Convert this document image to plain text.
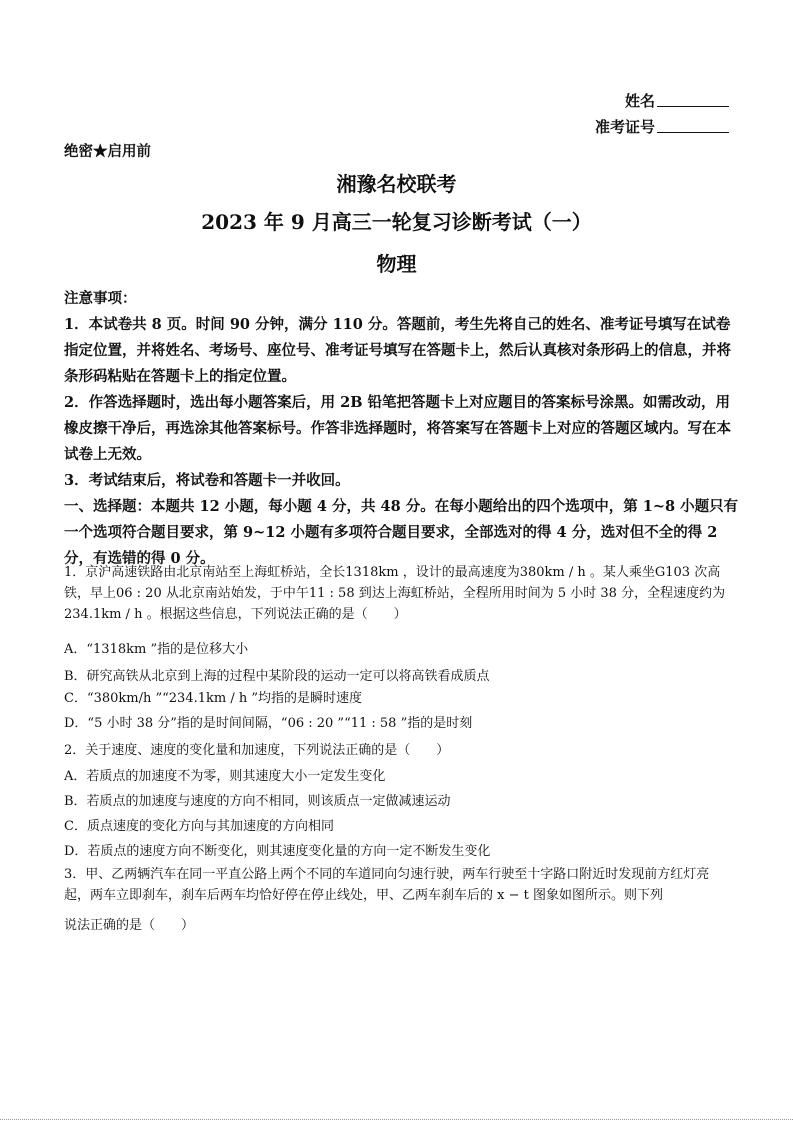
姓名
准考证号
绝密★启用前
湘豫名校联考
2023 年 9 月高三一轮复习诊断考试（一）
物理

注意事项：

1．本试卷共 8 页。时间 90 分钟，满分 110 分。答题前，考生先将自己的姓名、准考证号填写在试卷指定位置，并将姓名、考场号、座位号、准考证号填写在答题卡上，然后认真核对条形码上的信息，并将条形码粘贴在答题卡上的指定位置。

2．作答选择题时，选出每小题答案后，用 2B 铅笔把答题卡上对应题目的答案标号涂黑。如需改动，用橡皮擦干净后，再选涂其他答案标号。作答非选择题时，将答案写在答题卡上对应的答题区域内。写在本试卷上无效。

3．考试结束后，将试卷和答题卡一并收回。

一、选择题：本题共 12 小题，每小题 4 分，共 48 分。在每小题给出的四个选项中，第 1~8 小题只有一个选项符合题目要求，第 9~12 小题有多项符合题目要求，全部选对的得 4 分，选对但不全的得 2 分，有选错的得 0 分。

1．京沪高速铁路由北京南站至上海虹桥站，全长1318km ，设计的最高速度为380km / h 。某人乘坐G103 次高铁，早上06 : 20 从北京南站始发，于中午11 : 58 到达上海虹桥站，全程所用时间为 5 小时 38 分，全程速度约为 234.1km / h 。根据这些信息，下列说法正确的是（　　）

A．“1318km ”指的是位移大小
B．研究高铁从北京到上海的过程中某阶段的运动一定可以将高铁看成质点
C．“380km/h ”“234.1km / h ”均指的是瞬时速度
D．“5 小时 38 分”指的是时间间隔，“06 : 20 ”“11 : 58 ”指的是时刻
2．关于速度、速度的变化量和加速度，下列说法正确的是（　　）
A．若质点的加速度不为零，则其速度大小一定发生变化
B．若质点的加速度与速度的方向不相同，则该质点一定做减速运动
C．质点速度的变化方向与其加速度的方向相同
D．若质点的速度方向不断变化，则其速度变化量的方向一定不断发生变化

3．甲、乙两辆汽车在同一平直公路上两个不同的车道同向匀速行驶，两车行驶至十字路口附近时发现前方红灯亮起，两车立即刹车，刹车后两车均恰好停在停止线处，甲、乙两车刹车后的 x − t 图象如图所示。则下列

说法正确的是（　　）
